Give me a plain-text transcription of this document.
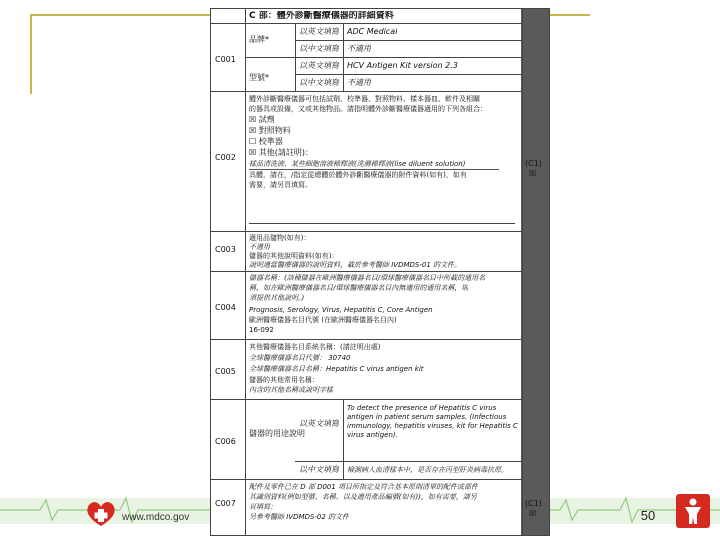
www.mdco.gov	50
C 部：體外診斷醫療儀器的詳細資料
C001
品牌*
型號*
以英文填寫 ADC Medical
以中文填寫 不適用
以英文填寫 HCV Antigen Kit version 2.3
以中文填寫 不適用
C002
體外診斷醫療儀器可包括試劑、校準器、對照物料、樣本器皿、軟件及相關
的器具或設備，又或其他物品。請指明體外診斷醫療儀器適用的下列各組合：
☒ 試劑
☒ 對照物料
☐ 校準器
☒ 其他(請註明)：
樣品清洗液、某些細胞溶液稀釋液(洗滌稀釋液(lise diluent solution)
具體，請在，/指定從總體於體外診斷醫療儀器的附件資料(如有)，如有
需要，請另頁填寫。
(C1)
☒
C003
適用品儲物(如有)：
不適用
儲器的其他說明資料(如有)：
說明適當醫療儀器的說明資料，載於參考醫師 IVDMDS-01 的文件。
C004
儲器名稱：(該種儲器在歐洲醫療儀器名目/環球醫療儀器名目中所載的通用名
稱，如在歐洲醫療儀器名目/環球醫療儀器名目內無適用的通用名稱，則
須提供其他說明。)
Prognosis, Serology, Virus, Hepatitis C, Core Antigen
歐洲醫療儀器名目代號 (在歐洲醫療儀器名目內)
16-092
C005
其他醫療儀器名目系統名稱：(請註明出處)
全球醫療儀器名目代號： 30740
全球醫療儀器名目名稱：Hepatitis C virus antigen kit
儲器的其他常用名稱：
內含的其他名稱或說明字樣
C006
儲器的用途說明
以英文填寫
To detect the presence of Hepatitis C virus
antigen in patient serum samples. (Infectious
immunology, hepatitis viruses, kit for Hepatitis C
virus antigen).
以中文填寫 檢測病人血清樣本中，是否存在丙型肝炎病毒抗原。
C007
配件及零件已在 D 部 D001 項目所指定及符合基本原則清單的配件或部件
其識別資料(例如型號、名稱、以及適用產品編號(如有))，如有需要，請另
頁填寫：
另參考醫師 IVDMDS-02 的文件
(C1)
☒
